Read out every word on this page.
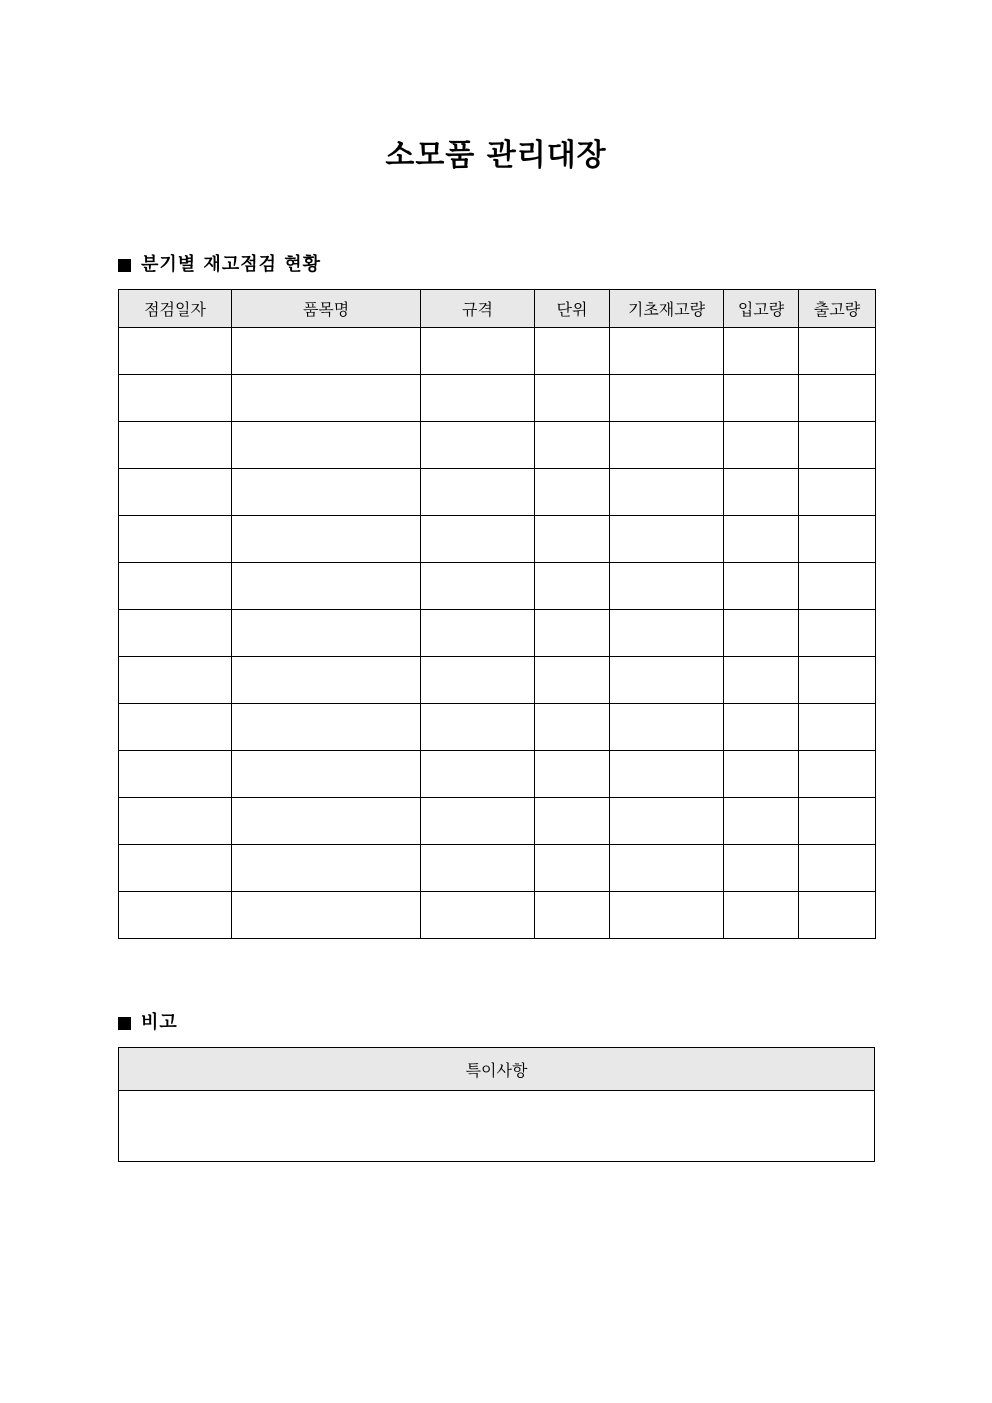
소모품 관리대장
분기별 재고점검 현황
점검일자	품목명	규격	단위	기초재고량	입고량	출고량

비고
특이사항
